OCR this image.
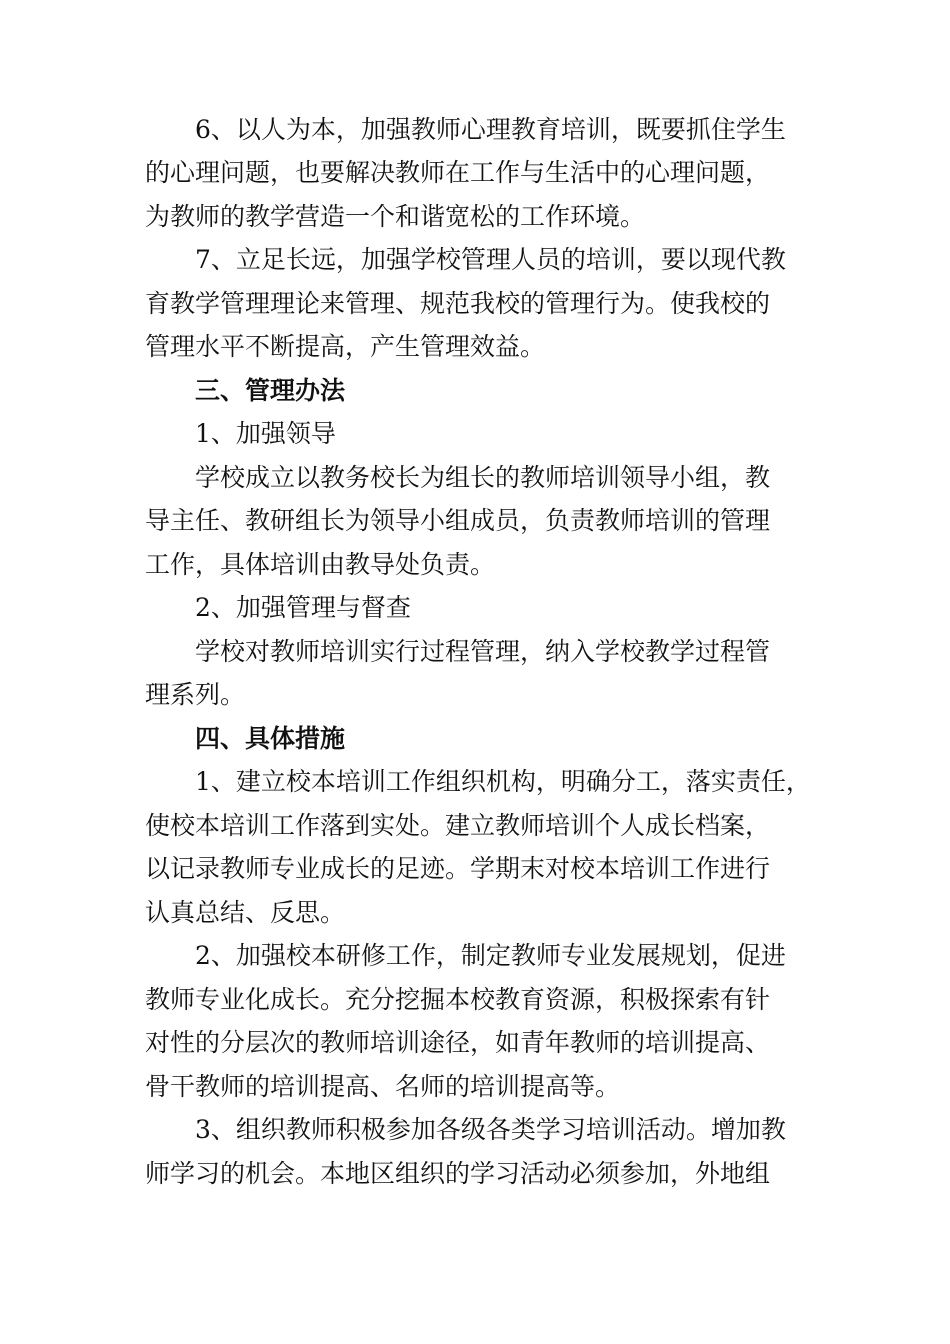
6、以人为本，加强教师心理教育培训，既要抓住学生
的心理问题，也要解决教师在工作与生活中的心理问题，
为教师的教学营造一个和谐宽松的工作环境。
7、立足长远，加强学校管理人员的培训，要以现代教
育教学管理理论来管理、规范我校的管理行为。使我校的
管理水平不断提高，产生管理效益。
三、管理办法
1、加强领导
学校成立以教务校长为组长的教师培训领导小组，教
导主任、教研组长为领导小组成员，负责教师培训的管理
工作，具体培训由教导处负责。
2、加强管理与督查
学校对教师培训实行过程管理，纳入学校教学过程管
理系列。
四、具体措施
1、建立校本培训工作组织机构，明确分工，落实责任，
使校本培训工作落到实处。建立教师培训个人成长档案，
以记录教师专业成长的足迹。学期末对校本培训工作进行
认真总结、反思。
2、加强校本研修工作，制定教师专业发展规划，促进
教师专业化成长。充分挖掘本校教育资源，积极探索有针
对性的分层次的教师培训途径，如青年教师的培训提高、
骨干教师的培训提高、名师的培训提高等。
3、组织教师积极参加各级各类学习培训活动。增加教
师学习的机会。本地区组织的学习活动必须参加，外地组
